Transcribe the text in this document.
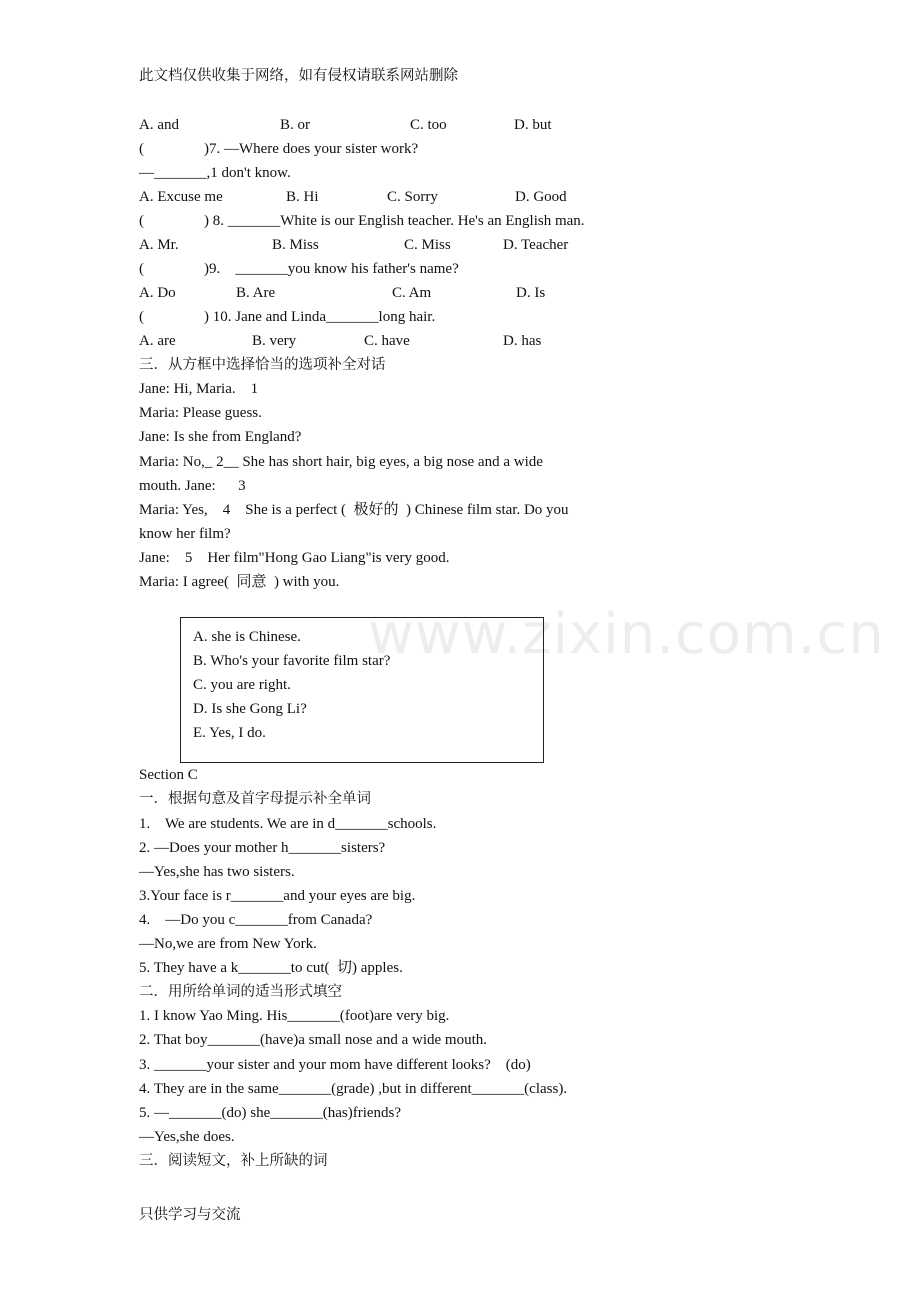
www.zixin.com.cn
此文档仅供收集于网络，如有侵权请联系网站删除
A. and	B. or	C. too	D. but
(                )7. —Where does your sister work?
—_______,1 don't know.
A. Excuse me	B. Hi	C. Sorry	D. Good
(                ) 8. _______White is our English teacher. He's an English man.
A. Mr.	B. Miss	C. Miss	D. Teacher
(                )9.    _______you know his father's name?
A. Do	B. Are	C. Am	D. Is
(                ) 10. Jane and Linda_______long hair.
A. are	B. very	C. have	D. has
三．从方框中选择恰当的选项补全对话
Jane: Hi, Maria.    1
Maria: Please guess.
Jane: Is she from England?
Maria: No,_ 2__ She has short hair, big eyes, a big nose and a wide
mouth. Jane:      3
Maria: Yes,    4    She is a perfect (  极好的  ) Chinese film star. Do you
know her film?
Jane:    5    Her film"Hong Gao Liang"is very good.
Maria: I agree(  同意  ) with you.
A. she is Chinese.
B. Who's your favorite film star?
C. you are right.
D. Is she Gong Li?
E. Yes, I do.
Section C
一．根据句意及首字母提示补全单词
1.    We are students. We are in d_______schools.
2. —Does your mother h_______sisters?
—Yes,she has two sisters.
3.Your face is r_______and your eyes are big.
4.    —Do you c_______from Canada?
—No,we are from New York.
5. They have a k_______to cut(  切) apples.
二．用所给单词的适当形式填空
1. I know Yao Ming. His_______(foot)are very big.
2. That boy_______(have)a small nose and a wide mouth.
3. _______your sister and your mom have different looks?    (do)
4. They are in the same_______(grade) ,but in different_______(class).
5. —_______(do) she_______(has)friends?
—Yes,she does.
三．阅读短文，补上所缺的词
只供学习与交流
